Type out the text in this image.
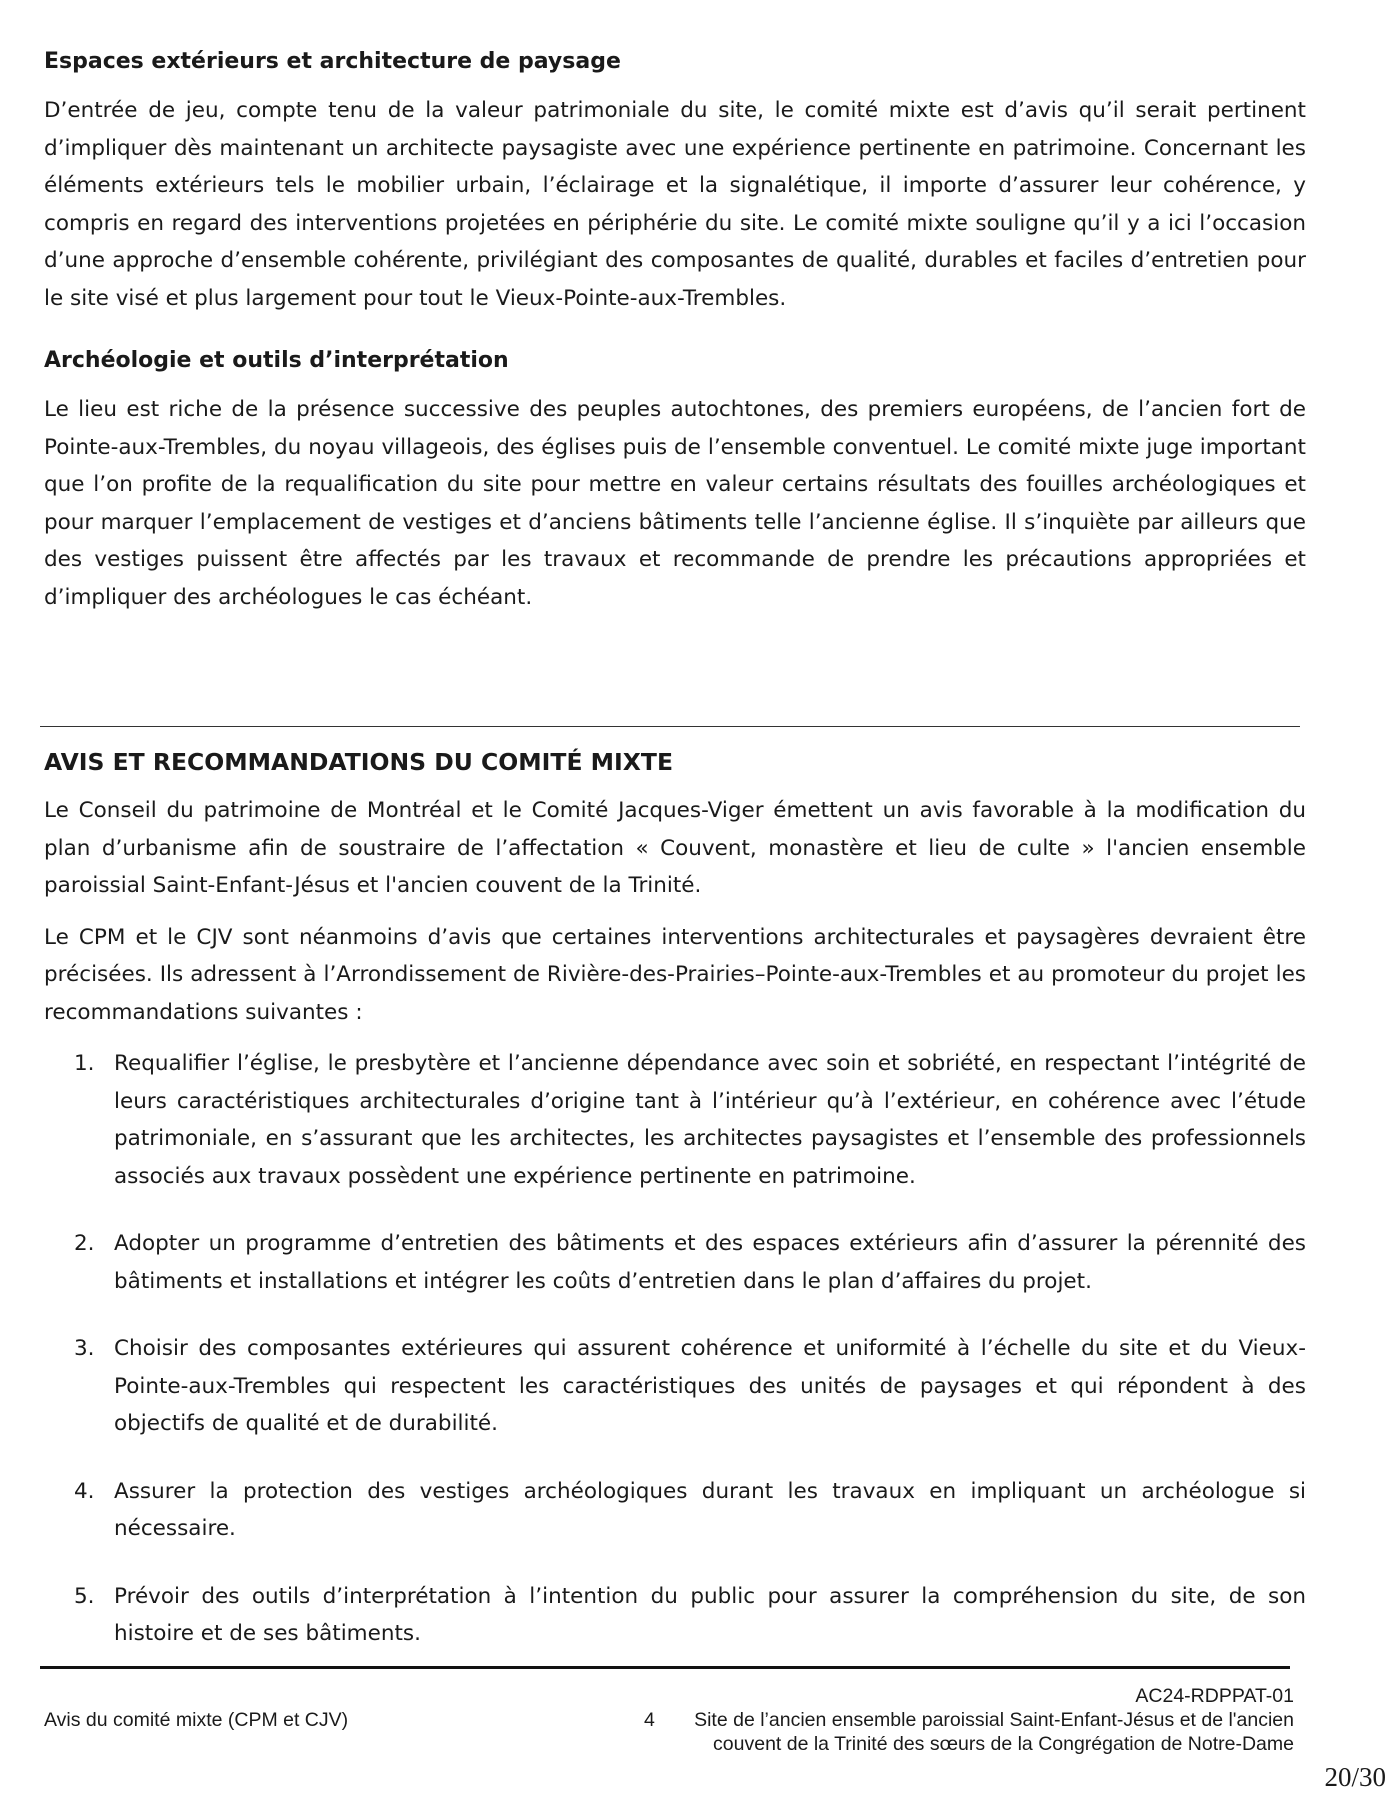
Espaces extérieurs et architecture de paysage

D’entrée de jeu, compte tenu de la valeur patrimoniale du site, le comité mixte est d’avis qu’il serait pertinent d’impliquer dès maintenant un architecte paysagiste avec une expérience pertinente en patrimoine. Concernant les éléments extérieurs tels le mobilier urbain, l’éclairage et la signalétique, il importe d’assurer leur cohérence, y compris en regard des interventions projetées en périphérie du site. Le comité mixte souligne qu’il y a ici l’occasion d’une approche d’ensemble cohérente, privilégiant des composantes de qualité, durables et faciles d’entretien pour le site visé et plus largement pour tout le Vieux-Pointe-aux-Trembles.

Archéologie et outils d’interprétation

Le lieu est riche de la présence successive des peuples autochtones, des premiers européens, de l’ancien fort de Pointe-aux-Trembles, du noyau villageois, des églises puis de l’ensemble conventuel. Le comité mixte juge important que l’on profite de la requalification du site pour mettre en valeur certains résultats des fouilles archéologiques et pour marquer l’emplacement de vestiges et d’anciens bâtiments telle l’ancienne église. Il s’inquiète par ailleurs que des vestiges puissent être affectés par les travaux et recommande de prendre les précautions appropriées et d’impliquer des archéologues le cas échéant.

AVIS ET RECOMMANDATIONS DU COMITÉ MIXTE

Le Conseil du patrimoine de Montréal et le Comité Jacques-Viger émettent un avis favorable à la modification du plan d’urbanisme afin de soustraire de l’affectation « Couvent, monastère et lieu de culte » l'ancien ensemble paroissial Saint-Enfant-Jésus et l'ancien couvent de la Trinité.

Le CPM et le CJV sont néanmoins d’avis que certaines interventions architecturales et paysagères devraient être précisées. Ils adressent à l’Arrondissement de Rivière-des-Prairies–Pointe-aux-Trembles et au promoteur du projet les recommandations suivantes :

1. Requalifier l’église, le presbytère et l’ancienne dépendance avec soin et sobriété, en respectant l’intégrité de leurs caractéristiques architecturales d’origine tant à l’intérieur qu’à l’extérieur, en cohérence avec l’étude patrimoniale, en s’assurant que les architectes, les architectes paysagistes et l’ensemble des professionnels associés aux travaux possèdent une expérience pertinente en patrimoine.

2. Adopter un programme d’entretien des bâtiments et des espaces extérieurs afin d’assurer la pérennité des bâtiments et installations et intégrer les coûts d’entretien dans le plan d’affaires du projet.

3. Choisir des composantes extérieures qui assurent cohérence et uniformité à l’échelle du site et du Vieux-Pointe-aux-Trembles qui respectent les caractéristiques des unités de paysages et qui répondent à des objectifs de qualité et de durabilité.

4. Assurer la protection des vestiges archéologiques durant les travaux en impliquant un archéologue si nécessaire.

5. Prévoir des outils d’interprétation à l’intention du public pour assurer la compréhension du site, de son histoire et de ses bâtiments.

AC24-RDPPAT-01
Avis du comité mixte (CPM et CJV)	4	Site de l’ancien ensemble paroissial Saint-Enfant-Jésus et de l'ancien
couvent de la Trinité des sœurs de la Congrégation de Notre-Dame
20/30
